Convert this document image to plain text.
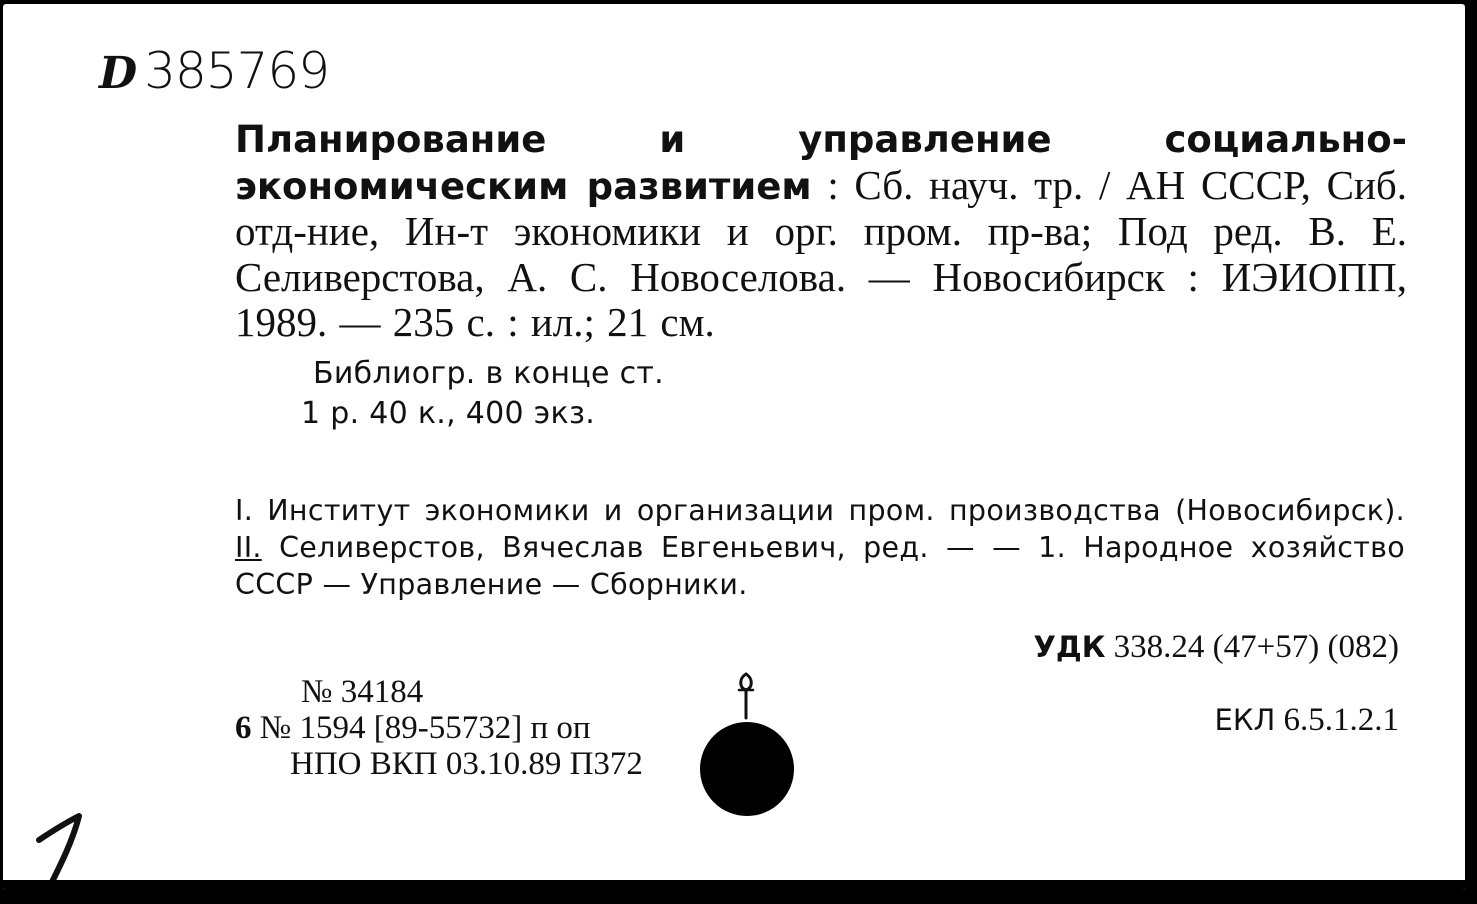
D 385769
Планирование и управление социально-экономическим развитием : Сб. науч. тр. / АН СССР, Сиб. отд-ние, Ин-т экономики и орг. пром. пр-ва; Под ред. В. Е. Селиверстова, А. С. Новоселова. — Новосибирск : ИЭИОПП, 1989. — 235 с. : ил.; 21 см.
Библиогр. в конце ст.
1 р. 40 к., 400 экз.
I. Институт экономики и организации пром. производства (Новосибирск). II. Селиверстов, Вячеслав Евгеньевич, ред. — — 1. Народное хозяйство СССР — Управление — Сборники.
УДК 338.24 (47+57) (082)
ЕКЛ 6.5.1.2.1
№ 34184
6 № 1594 [89-55732] п оп
НПО ВКП 03.10.89 П372
